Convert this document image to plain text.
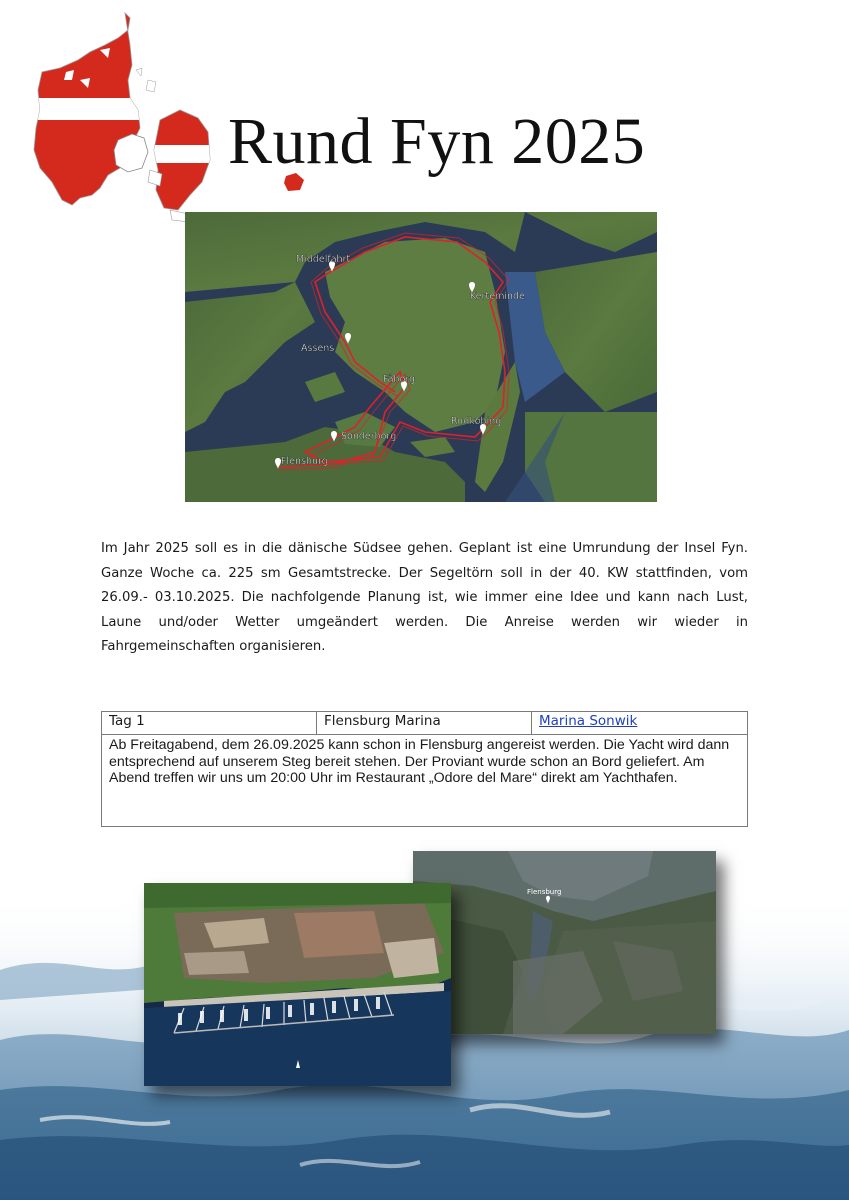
Rund Fyn 2025
Middelfahrt
Kerteminde
Assens
Fåborg
Rudkøbing
Sønderborg
Flensburg

Im Jahr 2025 soll es in die dänische Südsee gehen. Geplant ist eine Umrundung der Insel Fyn. Ganze Woche ca. 225 sm Gesamtstrecke. Der Segeltörn soll in der 40. KW stattfinden, vom 26.09.- 03.10.2025. Die nachfolgende Planung ist, wie immer eine Idee und kann nach Lust, Laune und/oder Wetter umgeändert werden. Die Anreise werden wir wieder in Fahrgemeinschaften organisieren.

Tag 1	Flensburg Marina	Marina Sonwik
Ab Freitagabend, dem 26.09.2025 kann schon in Flensburg angereist werden. Die Yacht wird dann entsprechend auf unserem Steg bereit stehen. Der Proviant wurde schon an Bord geliefert. Am Abend treffen wir uns um 20:00 Uhr im Restaurant „Odore del Mare“ direkt am Yachthafen.
Flensburg
